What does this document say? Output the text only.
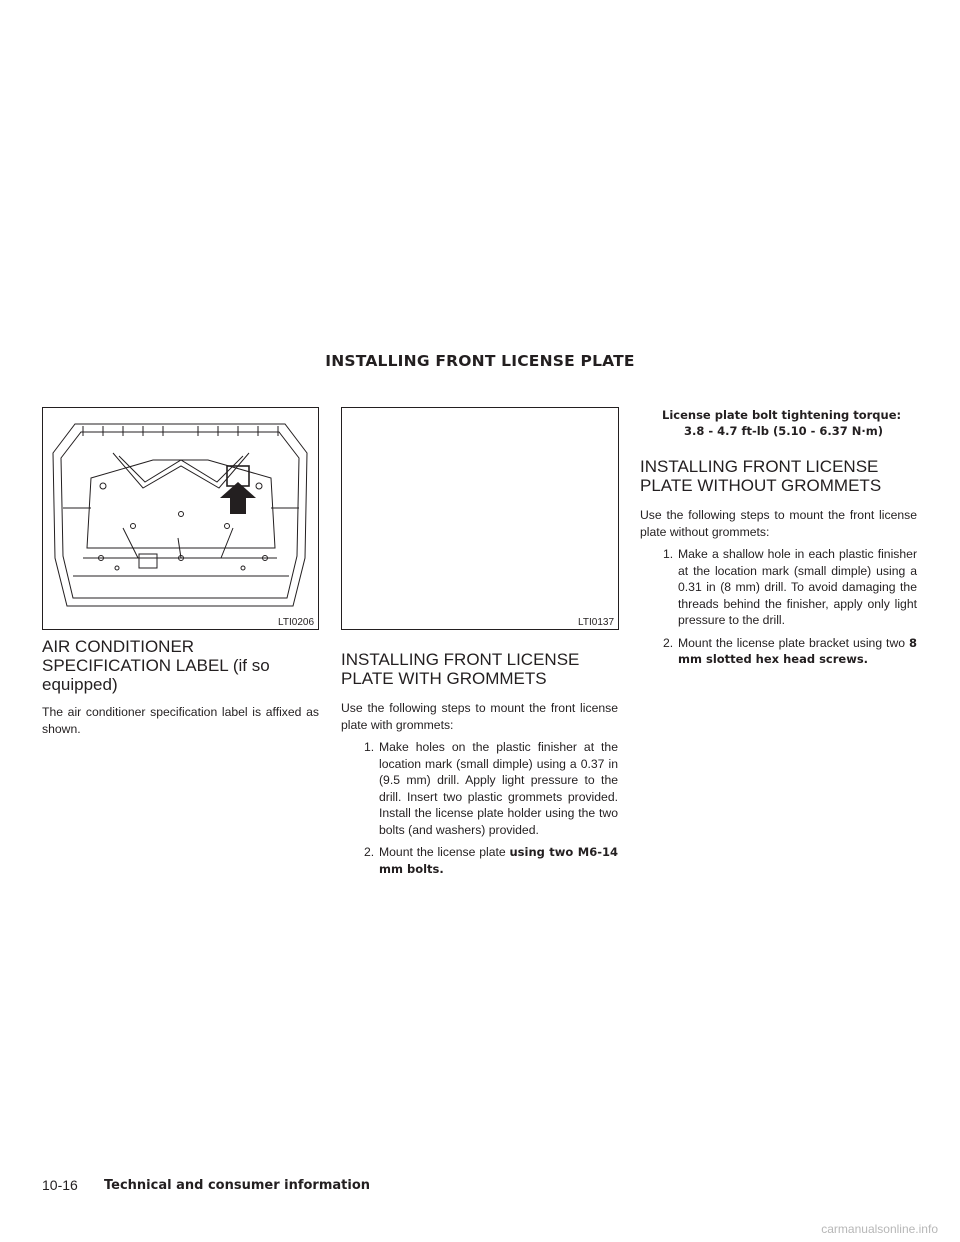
INSTALLING FRONT LICENSE PLATE
LTI0206
AIR CONDITIONER SPECIFICATION LABEL (if so equipped)

The air conditioner specification label is affixed as shown.

LTI0137
INSTALLING FRONT LICENSE PLATE WITH GROMMETS

Use the following steps to mount the front license plate with grommets:

1. Make holes on the plastic finisher at the location mark (small dimple) using a 0.37 in (9.5 mm) drill. Apply light pressure to the drill. Insert two plastic grommets provided. Install the license plate holder using the two bolts (and washers) provided.
2. Mount the license plate using two M6-14 mm bolts.
License plate bolt tightening torque:
3.8 - 4.7 ft-lb (5.10 - 6.37 N·m)
INSTALLING FRONT LICENSE PLATE WITHOUT GROMMETS

Use the following steps to mount the front license plate without grommets:

1. Make a shallow hole in each plastic finisher at the location mark (small dimple) using a 0.31 in (8 mm) drill. To avoid damaging the threads behind the finisher, apply only light pressure to the drill.
2. Mount the license plate bracket using two 8 mm slotted hex head screws.
10-16 Technical and consumer information
carmanualsonline.info
